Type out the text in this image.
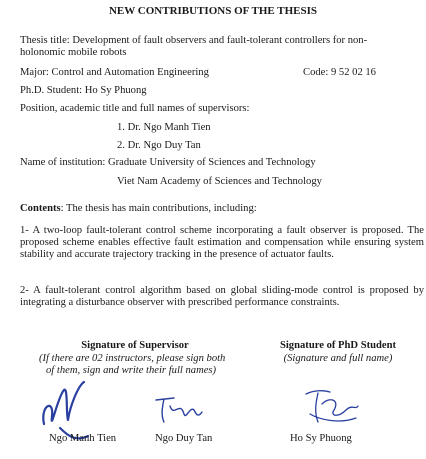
NEW CONTRIBUTIONS OF THE THESIS
Thesis title: Development of fault observers and fault-tolerant controllers for non-
holonomic mobile robots
Major: Control and Automation Engineering	Code: 9 52 02 16
Ph.D. Student: Ho Sy Phuong
Position, academic title and full names of supervisors:
1. Dr. Ngo Manh Tien
2. Dr. Ngo Duy Tan
Name of institution: Graduate University of Sciences and Technology
Viet Nam Academy of Sciences and Technology
Contents: The thesis has main contributions, including:
1- A two-loop fault-tolerant control scheme incorporating a fault observer is proposed. The proposed scheme enables effective fault estimation and compensation while ensuring system stability and accurate trajectory tracking in the presence of actuator faults.
2- A fault-tolerant control algorithm based on global sliding-mode control is proposed by integrating a disturbance observer with prescribed performance constraints.
Signature of Supervisor
(If there are 02 instructors, please sign both
of them, sign and write their full names)
Signature of PhD Student
(Signature and full name)
Ngo Manh Tien	Ngo Duy Tan	Ho Sy Phuong
